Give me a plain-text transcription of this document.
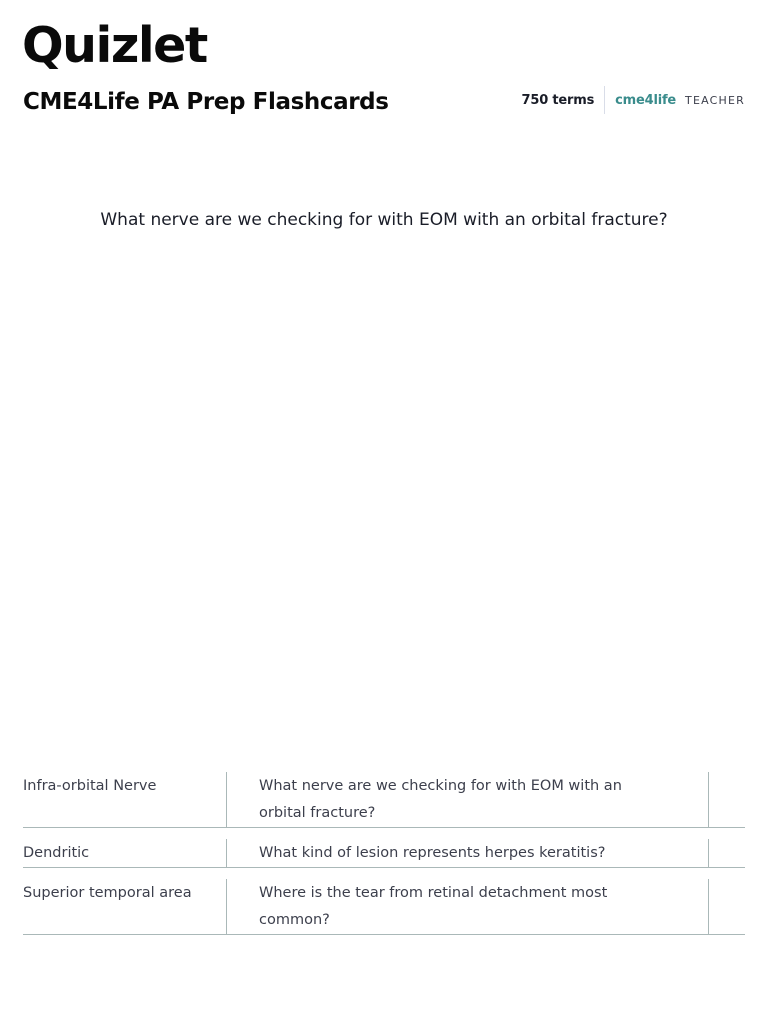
Quizlet
CME4Life PA Prep Flashcards	750 terms	cme4life TEACHER
What nerve are we checking for with EOM with an orbital fracture?
Infra-orbital Nerve	What nerve are we checking for with EOM with an orbital fracture?
Dendritic	What kind of lesion represents herpes keratitis?
Superior temporal area	Where is the tear from retinal detachment most common?
